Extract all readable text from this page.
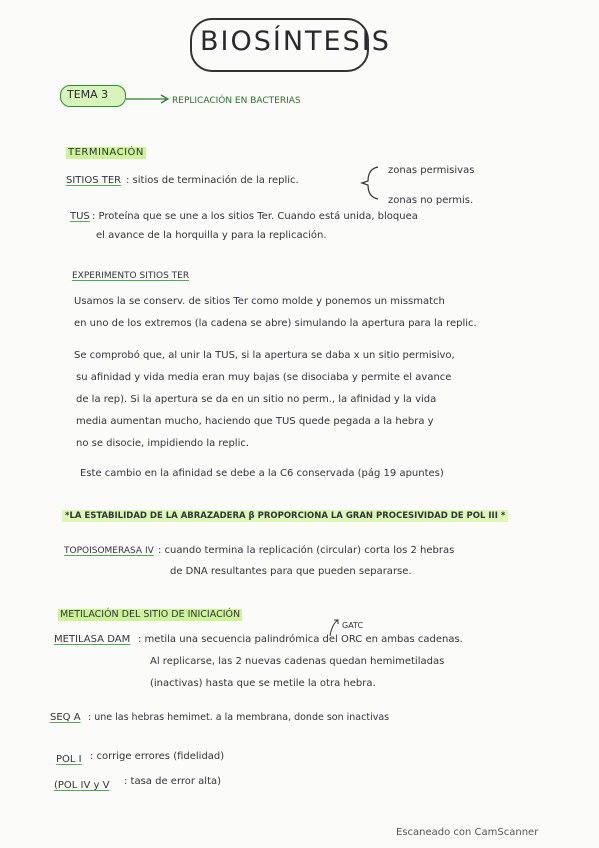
BIOSÍNTESIS
TEMA 3	REPLICACIÓN EN BACTERIAS
TERMINACIÓN
SITIOS TER : sitios de terminación de la replic.
zonas permisivas
zonas no permis.
TUS : Proteína que se une a los sitios Ter. Cuando está unida, bloquea
el avance de la horquilla y para la replicación.
EXPERIMENTO SITIOS TER
Usamos la se conserv. de sitios Ter como molde y ponemos un missmatch
en uno de los extremos (la cadena se abre) simulando la apertura para la replic.
Se comprobó que, al unir la TUS, si la apertura se daba x un sitio permisivo,
su afinidad y vida media eran muy bajas (se disociaba y permite el avance
de la rep). Si la apertura se da en un sitio no perm., la afinidad y la vida
media aumentan mucho, haciendo que TUS quede pegada a la hebra y
no se disocie, impidiendo la replic.
Este cambio en la afinidad se debe a la C6 conservada (pág 19 apuntes)
*LA ESTABILIDAD DE LA ABRAZADERA β PROPORCIONA LA GRAN PROCESIVIDAD DE POL III *
TOPOISOMERASA IV : cuando termina la replicación (circular) corta los 2 hebras
de DNA resultantes para que pueden separarse.
METILACIÓN DEL SITIO DE INICIACIÓN
GATC
METILASA DAM : metila una secuencia palindrómica del ORC en ambas cadenas.
Al replicarse, las 2 nuevas cadenas quedan hemimetiladas
(inactivas) hasta que se metile la otra hebra.
SEQ A : une las hebras hemimet. a la membrana, donde son inactivas
POL I : corrige errores (fidelidad)
(POL IV y V : tasa de error alta)
Escaneado con CamScanner
